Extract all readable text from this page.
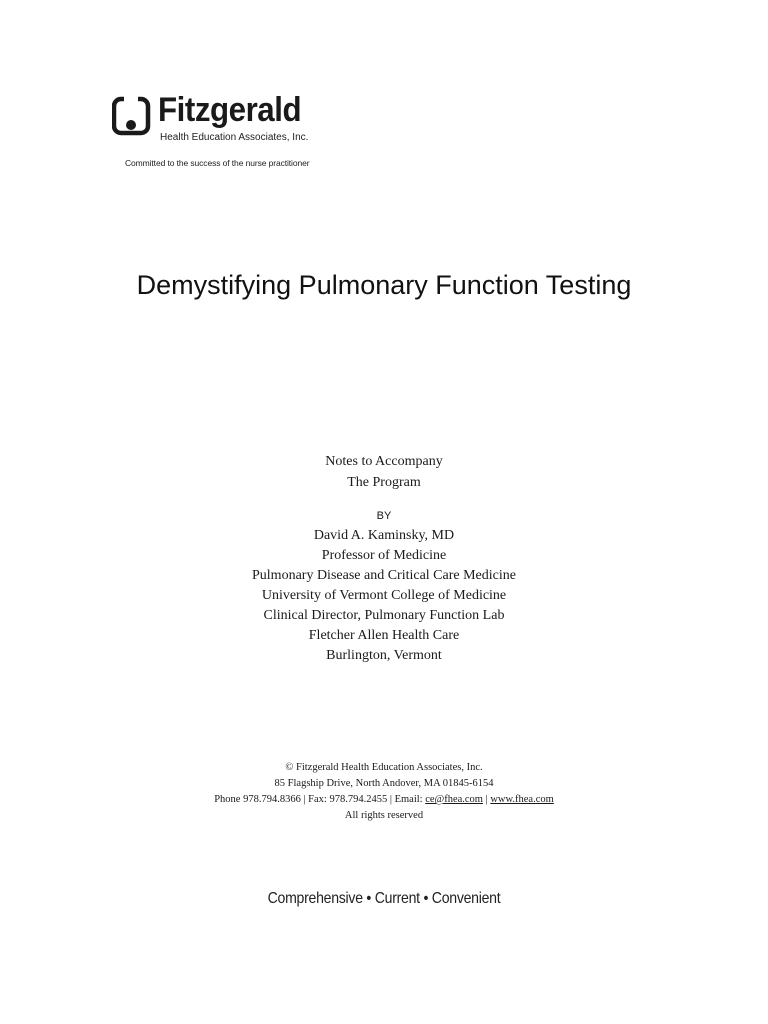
Fitzgerald
Health Education Associates, Inc.
Committed to the success of the nurse practitioner
Demystifying Pulmonary Function Testing
Notes to Accompany
The Program
BY
David A. Kaminsky, MD
Professor of Medicine
Pulmonary Disease and Critical Care Medicine
University of Vermont College of Medicine
Clinical Director, Pulmonary Function Lab
Fletcher Allen Health Care
Burlington, Vermont
© Fitzgerald Health Education Associates, Inc.
85 Flagship Drive, North Andover, MA 01845-6154
Phone 978.794.8366 | Fax: 978.794.2455 | Email: ce@fhea.com | www.fhea.com
All rights reserved
Comprehensive • Current • Convenient
